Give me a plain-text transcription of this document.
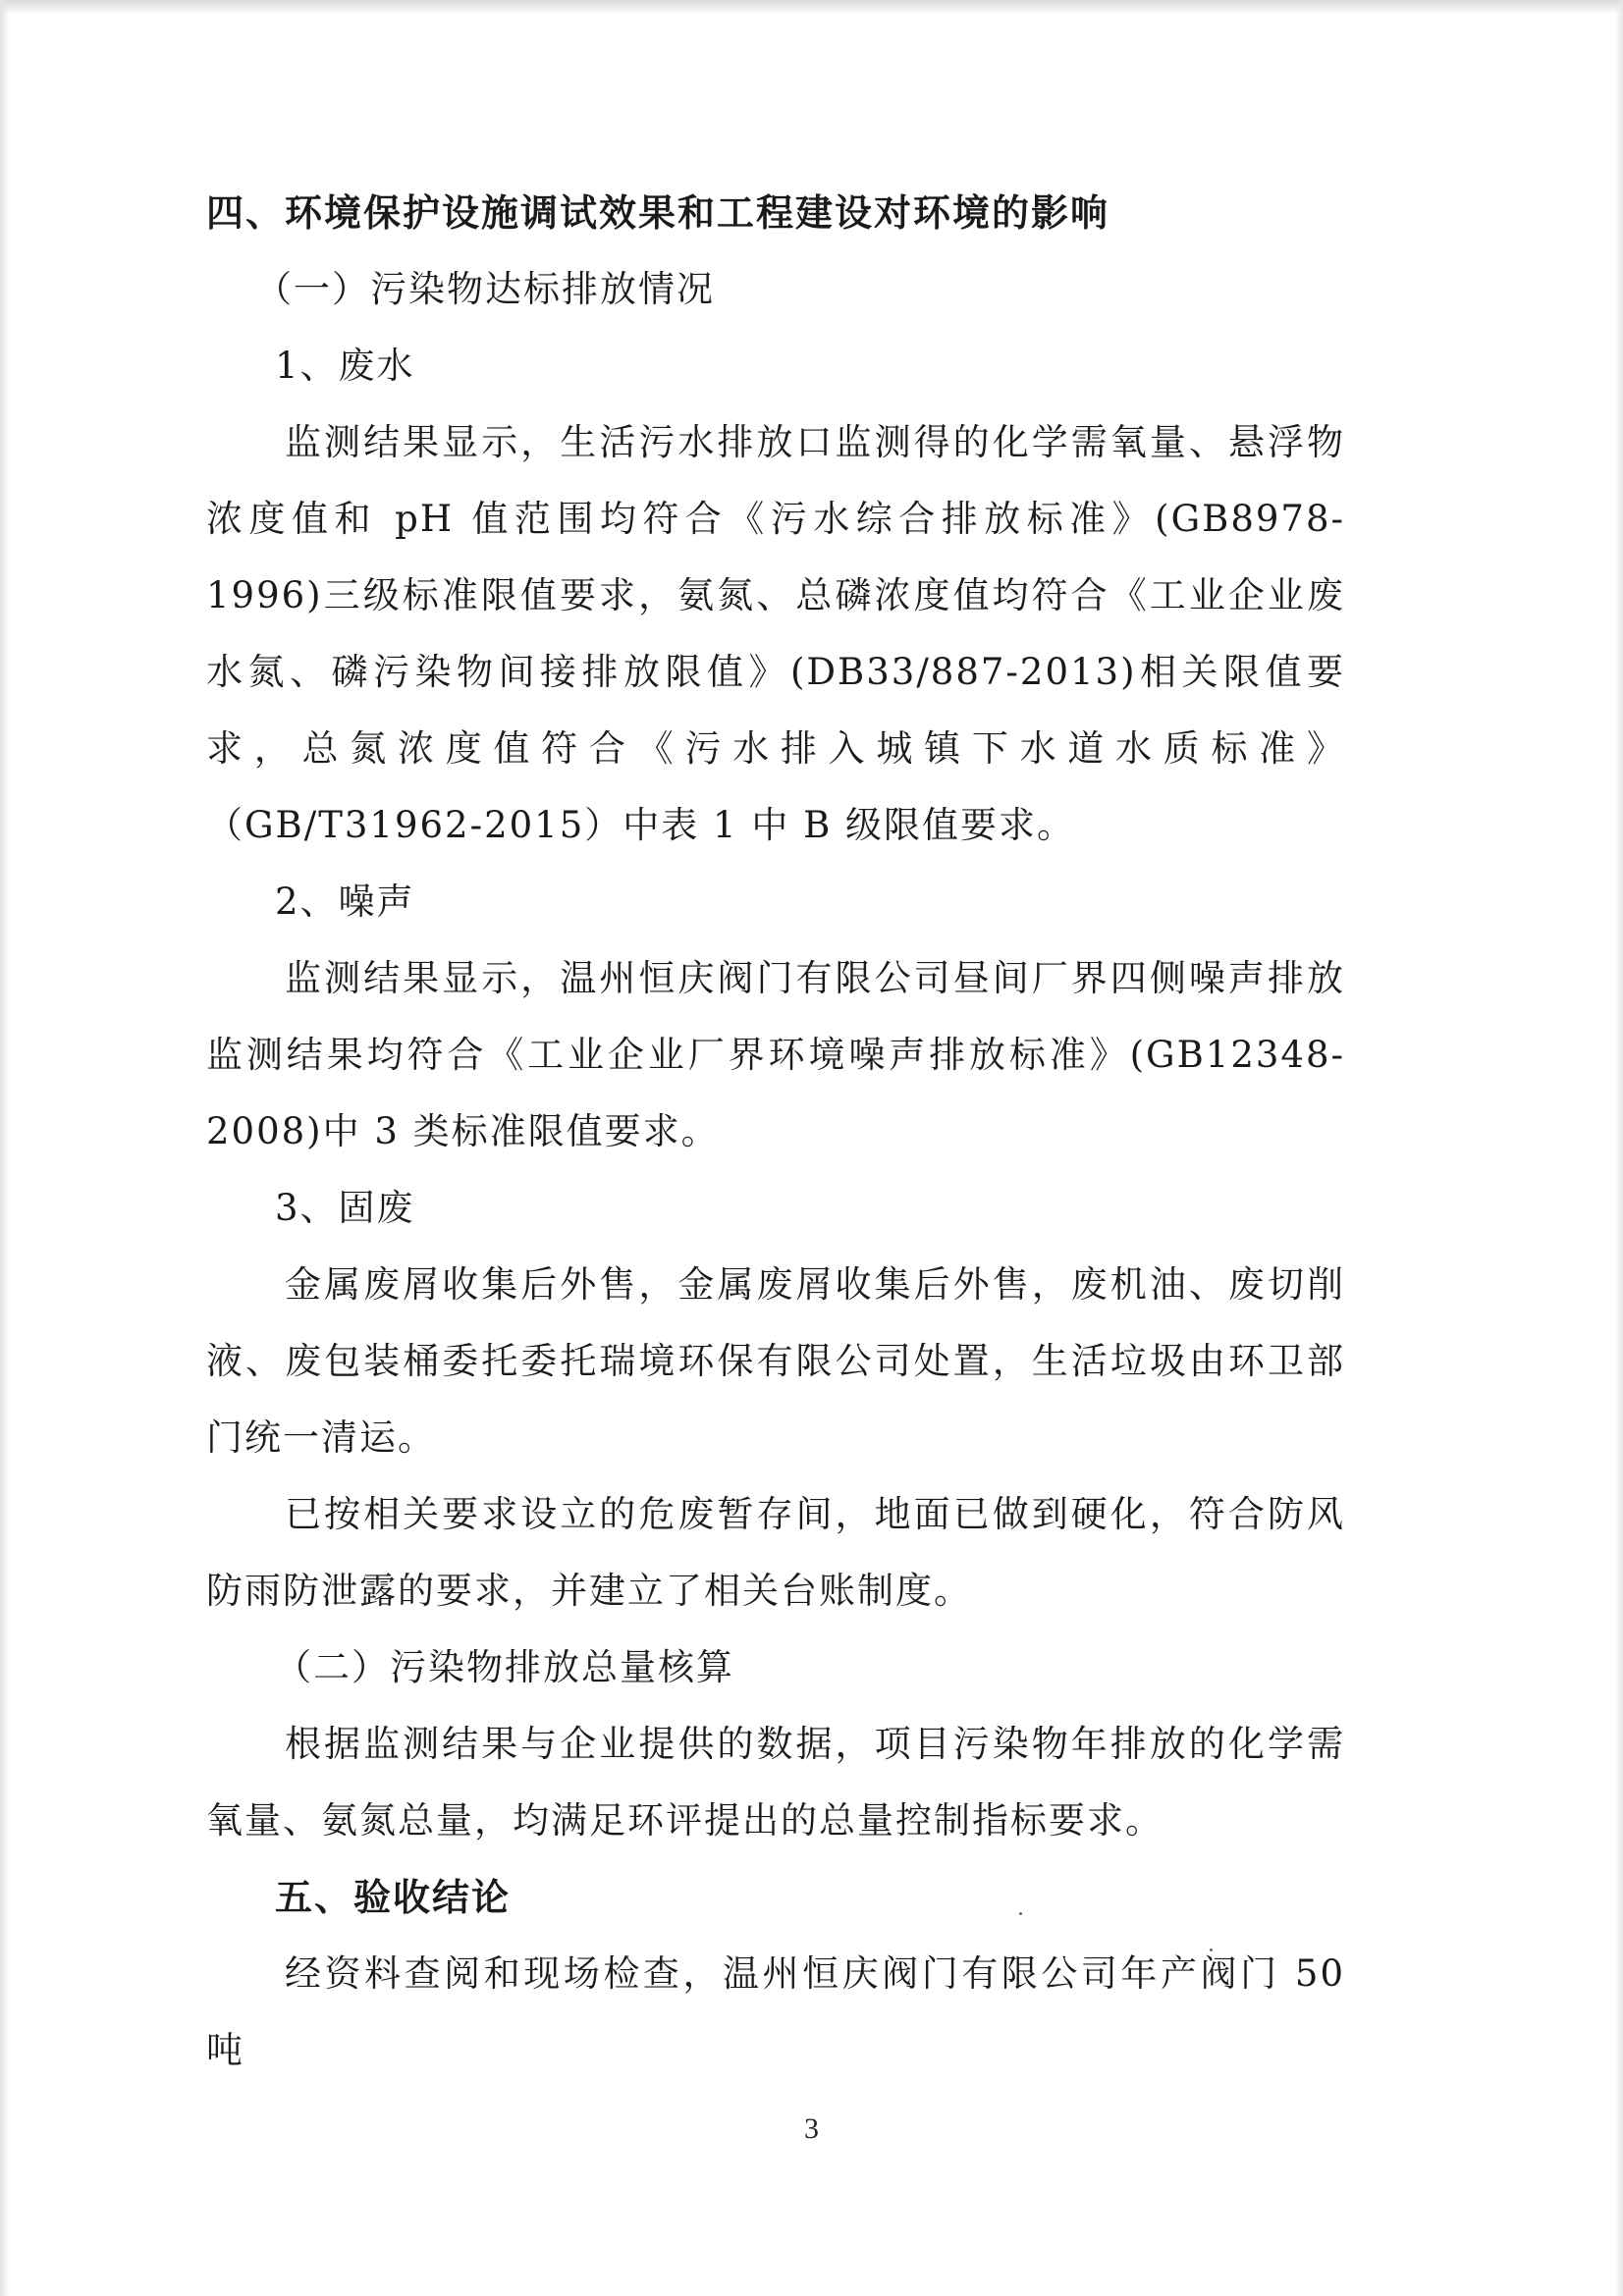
四、环境保护设施调试效果和工程建设对环境的影响

（一）污染物达标排放情况

1、废水

监测结果显示，生活污水排放口监测得的化学需氧量、悬浮物浓度值和 pH 值范围均符合《污水综合排放标准》(GB8978-1996)三级标准限值要求，氨氮、总磷浓度值均符合《工业企业废水氮、磷污染物间接排放限值》(DB33/887-2013)相关限值要求，总氮浓度值符合《污水排入城镇下水道水质标准》（GB/T31962-2015）中表 1 中 B 级限值要求。

2、噪声

监测结果显示，温州恒庆阀门有限公司昼间厂界四侧噪声排放监测结果均符合《工业企业厂界环境噪声排放标准》(GB12348-2008)中 3 类标准限值要求。

3、固废

金属废屑收集后外售，金属废屑收集后外售，废机油、废切削液、废包装桶委托委托瑞境环保有限公司处置，生活垃圾由环卫部门统一清运。

已按相关要求设立的危废暂存间，地面已做到硬化，符合防风防雨防泄露的要求，并建立了相关台账制度。

（二）污染物排放总量核算

根据监测结果与企业提供的数据，项目污染物年排放的化学需氧量、氨氮总量，均满足环评提出的总量控制指标要求。

五、验收结论

经资料查阅和现场检查，温州恒庆阀门有限公司年产阀门 50 吨

3
